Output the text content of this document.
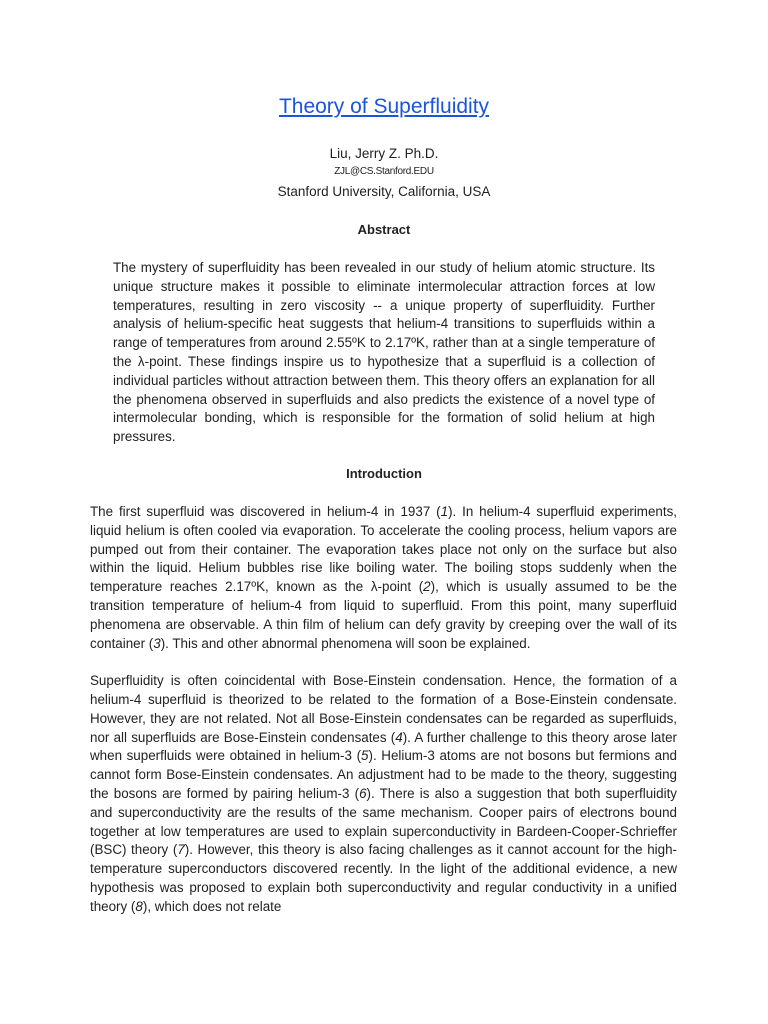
Theory of Superfluidity
Liu, Jerry Z. Ph.D.
ZJL@CS.Stanford.EDU
Stanford University, California, USA
Abstract
The mystery of superfluidity has been revealed in our study of helium atomic structure. Its unique structure makes it possible to eliminate intermolecular attraction forces at low temperatures, resulting in zero viscosity -- a unique property of superfluidity. Further analysis of helium-specific heat suggests that helium-4 transitions to superfluids within a range of temperatures from around 2.55ºK to 2.17ºK, rather than at a single temperature of the λ-point. These findings inspire us to hypothesize that a superfluid is a collection of individual particles without attraction between them. This theory offers an explanation for all the phenomena observed in superfluids and also predicts the existence of a novel type of intermolecular bonding, which is responsible for the formation of solid helium at high pressures.
Introduction

The first superfluid was discovered in helium-4 in 1937 (1). In helium-4 superfluid experiments, liquid helium is often cooled via evaporation. To accelerate the cooling process, helium vapors are pumped out from their container. The evaporation takes place not only on the surface but also within the liquid. Helium bubbles rise like boiling water. The boiling stops suddenly when the temperature reaches 2.17ºK, known as the λ-point (2), which is usually assumed to be the transition temperature of helium-4 from liquid to superfluid. From this point, many superfluid phenomena are observable. A thin film of helium can defy gravity by creeping over the wall of its container (3). This and other abnormal phenomena will soon be explained.

Superfluidity is often coincidental with Bose-Einstein condensation. Hence, the formation of a helium-4 superfluid is theorized to be related to the formation of a Bose-Einstein condensate. However, they are not related. Not all Bose-Einstein condensates can be regarded as superfluids, nor all superfluids are Bose-Einstein condensates (4). A further challenge to this theory arose later when superfluids were obtained in helium-3 (5). Helium-3 atoms are not bosons but fermions and cannot form Bose-Einstein condensates. An adjustment had to be made to the theory, suggesting the bosons are formed by pairing helium-3 (6). There is also a suggestion that both superfluidity and superconductivity are the results of the same mechanism. Cooper pairs of electrons bound together at low temperatures are used to explain superconductivity in Bardeen-Cooper-Schrieffer (BSC) theory (7). However, this theory is also facing challenges as it cannot account for the high-temperature superconductors discovered recently. In the light of the additional evidence, a new hypothesis was proposed to explain both superconductivity and regular conductivity in a unified theory (8), which does not relate
